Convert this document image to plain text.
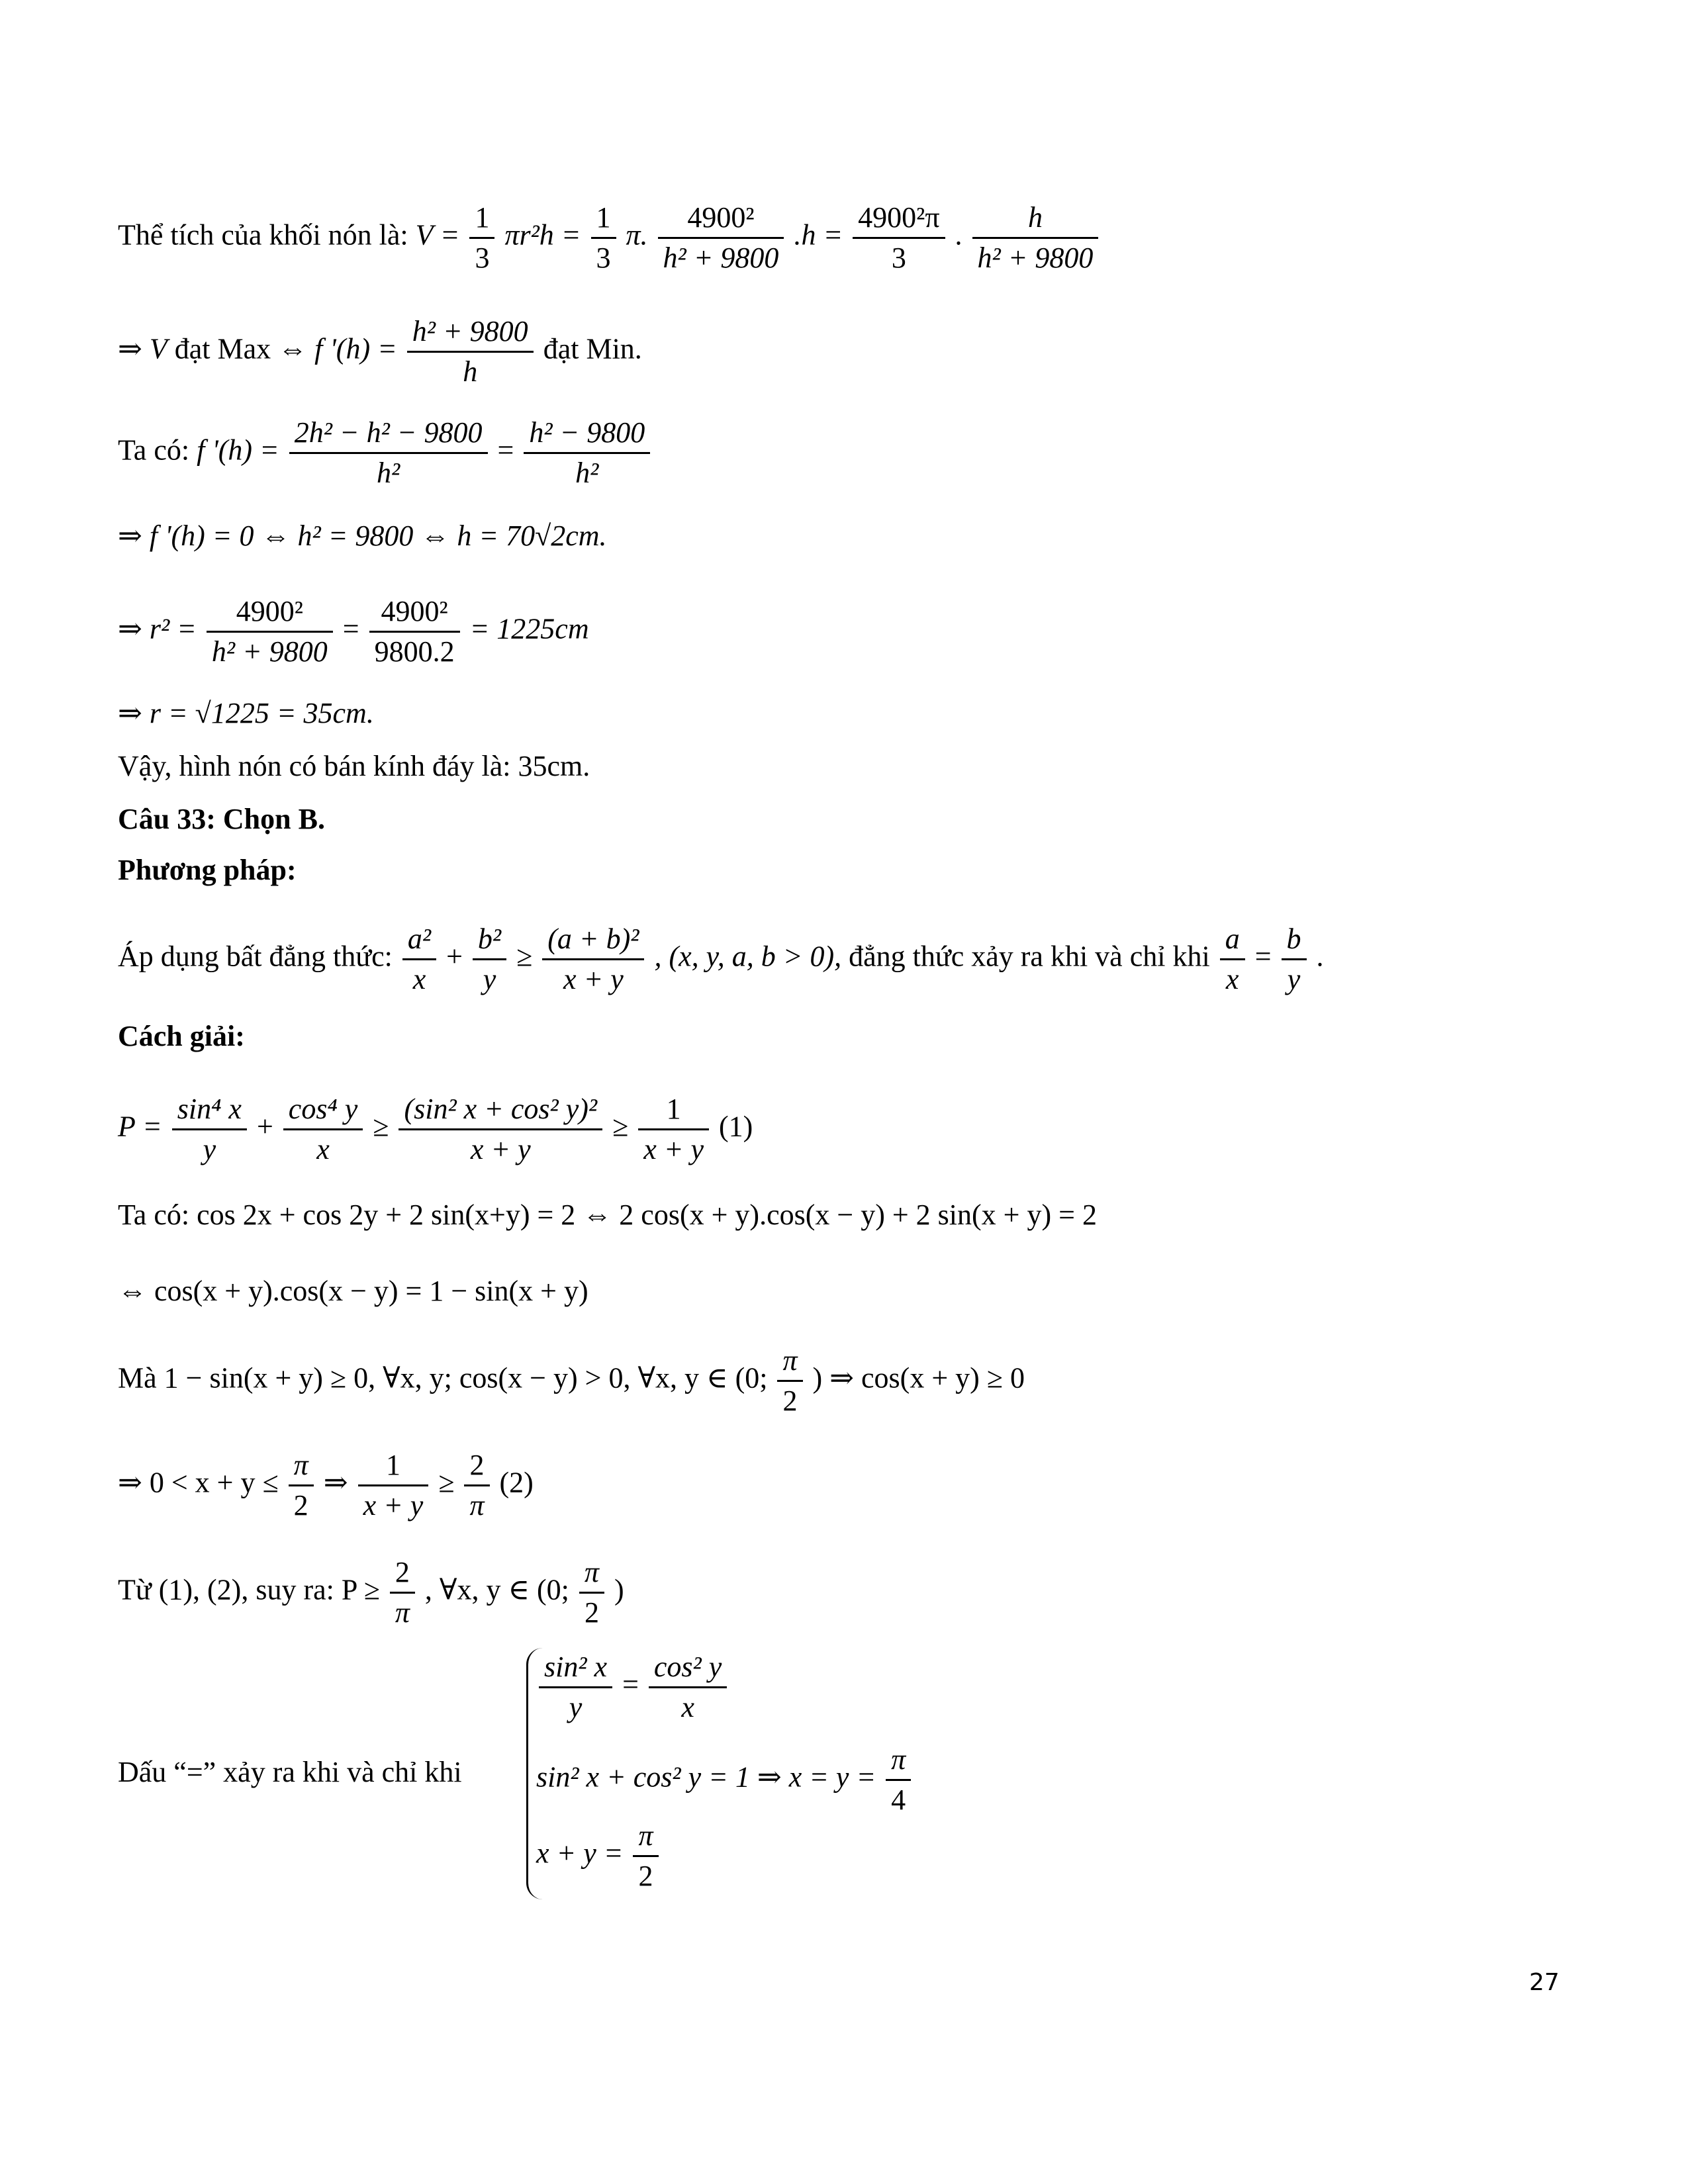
Thể tích của khối nón là: $V = \frac{1}{3} \pi r^2h = \frac{1}{3} \pi$. $\frac{\text{4900²}}{\text{h² + 9800}} .h = \frac{\text{4900²π}}{3}$ . $\frac{h}{\text{h² + 9800}}$
⇒ V đạt Max ⇔ f '$(h) = \frac{\text{h² + 9800}}{h}$ đạt Min.
Ta có: f '$(h) = \frac{\text{2h² − h² − 9800}}{\text{h²}} = \frac{\text{h² − 9800}}{\text{h²}}$
⇒ f '(h) = 0 ⇔ h² = 9800 ⇔ h = 70√2cm.
⇒ $r^2 = \frac{\text{4900²}}{\text{h² + 9800}} = \frac{\text{4900²}}{9800.2} = 1225cm$
⇒ r = √1225 = 35cm.
Vậy, hình nón có bán kính đáy là: 35cm.
Câu 33: Chọn B.
Phương pháp:
Áp dụng bất đẳng thức: $\frac{\text{a²}}{x} + \frac{\text{b²}}{y} \ge \frac{\text{(a + b)²}}{x + y}$ , (x, y, a, b > 0), đẳng thức xảy ra khi và chỉ khi $\frac{a}{x} = \frac{b}{y}$ .
Cách giải:
$P = \frac{\text{sin⁴ x}}{y} + \frac{\text{cos⁴ y}}{x} \ge \frac{\text{(sin² x + cos² y)²}}{x + y} \ge \frac{1}{x + y} (1)$
Ta có: cos 2x + cos 2y + 2 sin(x+y) = 2 ⇔ 2 cos(x + y).cos(x − y) + 2 sin(x + y) = 2
⇔ cos(x + y).cos(x − y) = 1 − sin(x + y)
Mà 1 − sin(x + y) ≥ 0, ∀x, y; cos(x − y) > 0, ∀x, y ∈ (0; $\frac{\pi}{2}$ ) ⇒ cos(x + y) ≥ 0
⇒ $0 < x + y \le \frac{\pi}{2}$ ⇒ $\frac{1}{x + y} \ge \frac{2}{\pi} (2)$
Từ (1), (2), suy ra: $P \ge \frac{2}{\pi}$ , ∀x, y ∈ (0; $\frac{\pi}{2}$ )
Dấu “=” xảy ra khi và chỉ khi
$\frac{\text{sin² x}}{y} = \frac{\text{cos² y}}{x}$
sin² x + cos² y = 1 ⇒ $x = y = \frac{\pi}{4}$
$x + y = \frac{\pi}{2}$
27
